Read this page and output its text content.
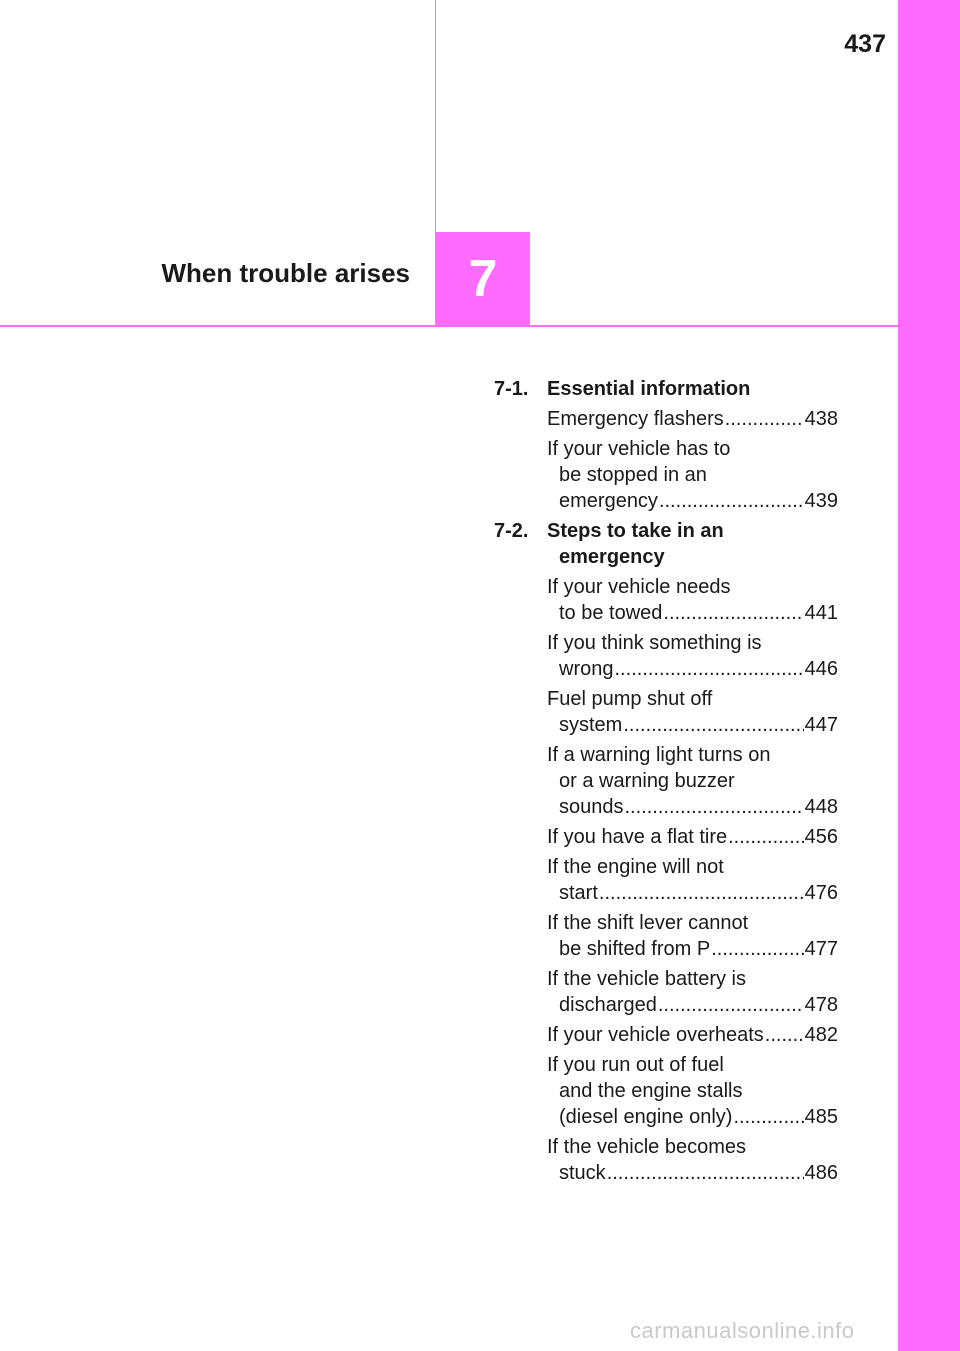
437
When trouble arises 7
7-1. Essential information
Emergency flashers .....	438
If your vehicle has to
be stopped in an
emergency .....	439
7-2. Steps to take in an
emergency
If your vehicle needs
to be towed .....	441
If you think something is
wrong .....	446
Fuel pump shut off
system .....	447
If a warning light turns on
or a warning buzzer
sounds .....	448
If you have a flat tire .....	456
If the engine will not
start .....	476
If the shift lever cannot
be shifted from P .....	477
If the vehicle battery is
discharged .....	478
If your vehicle overheats ..... 482
If you run out of fuel
and the engine stalls
(diesel engine only) .....	485
If the vehicle becomes
stuck .....	486
carmanualsonline.info
